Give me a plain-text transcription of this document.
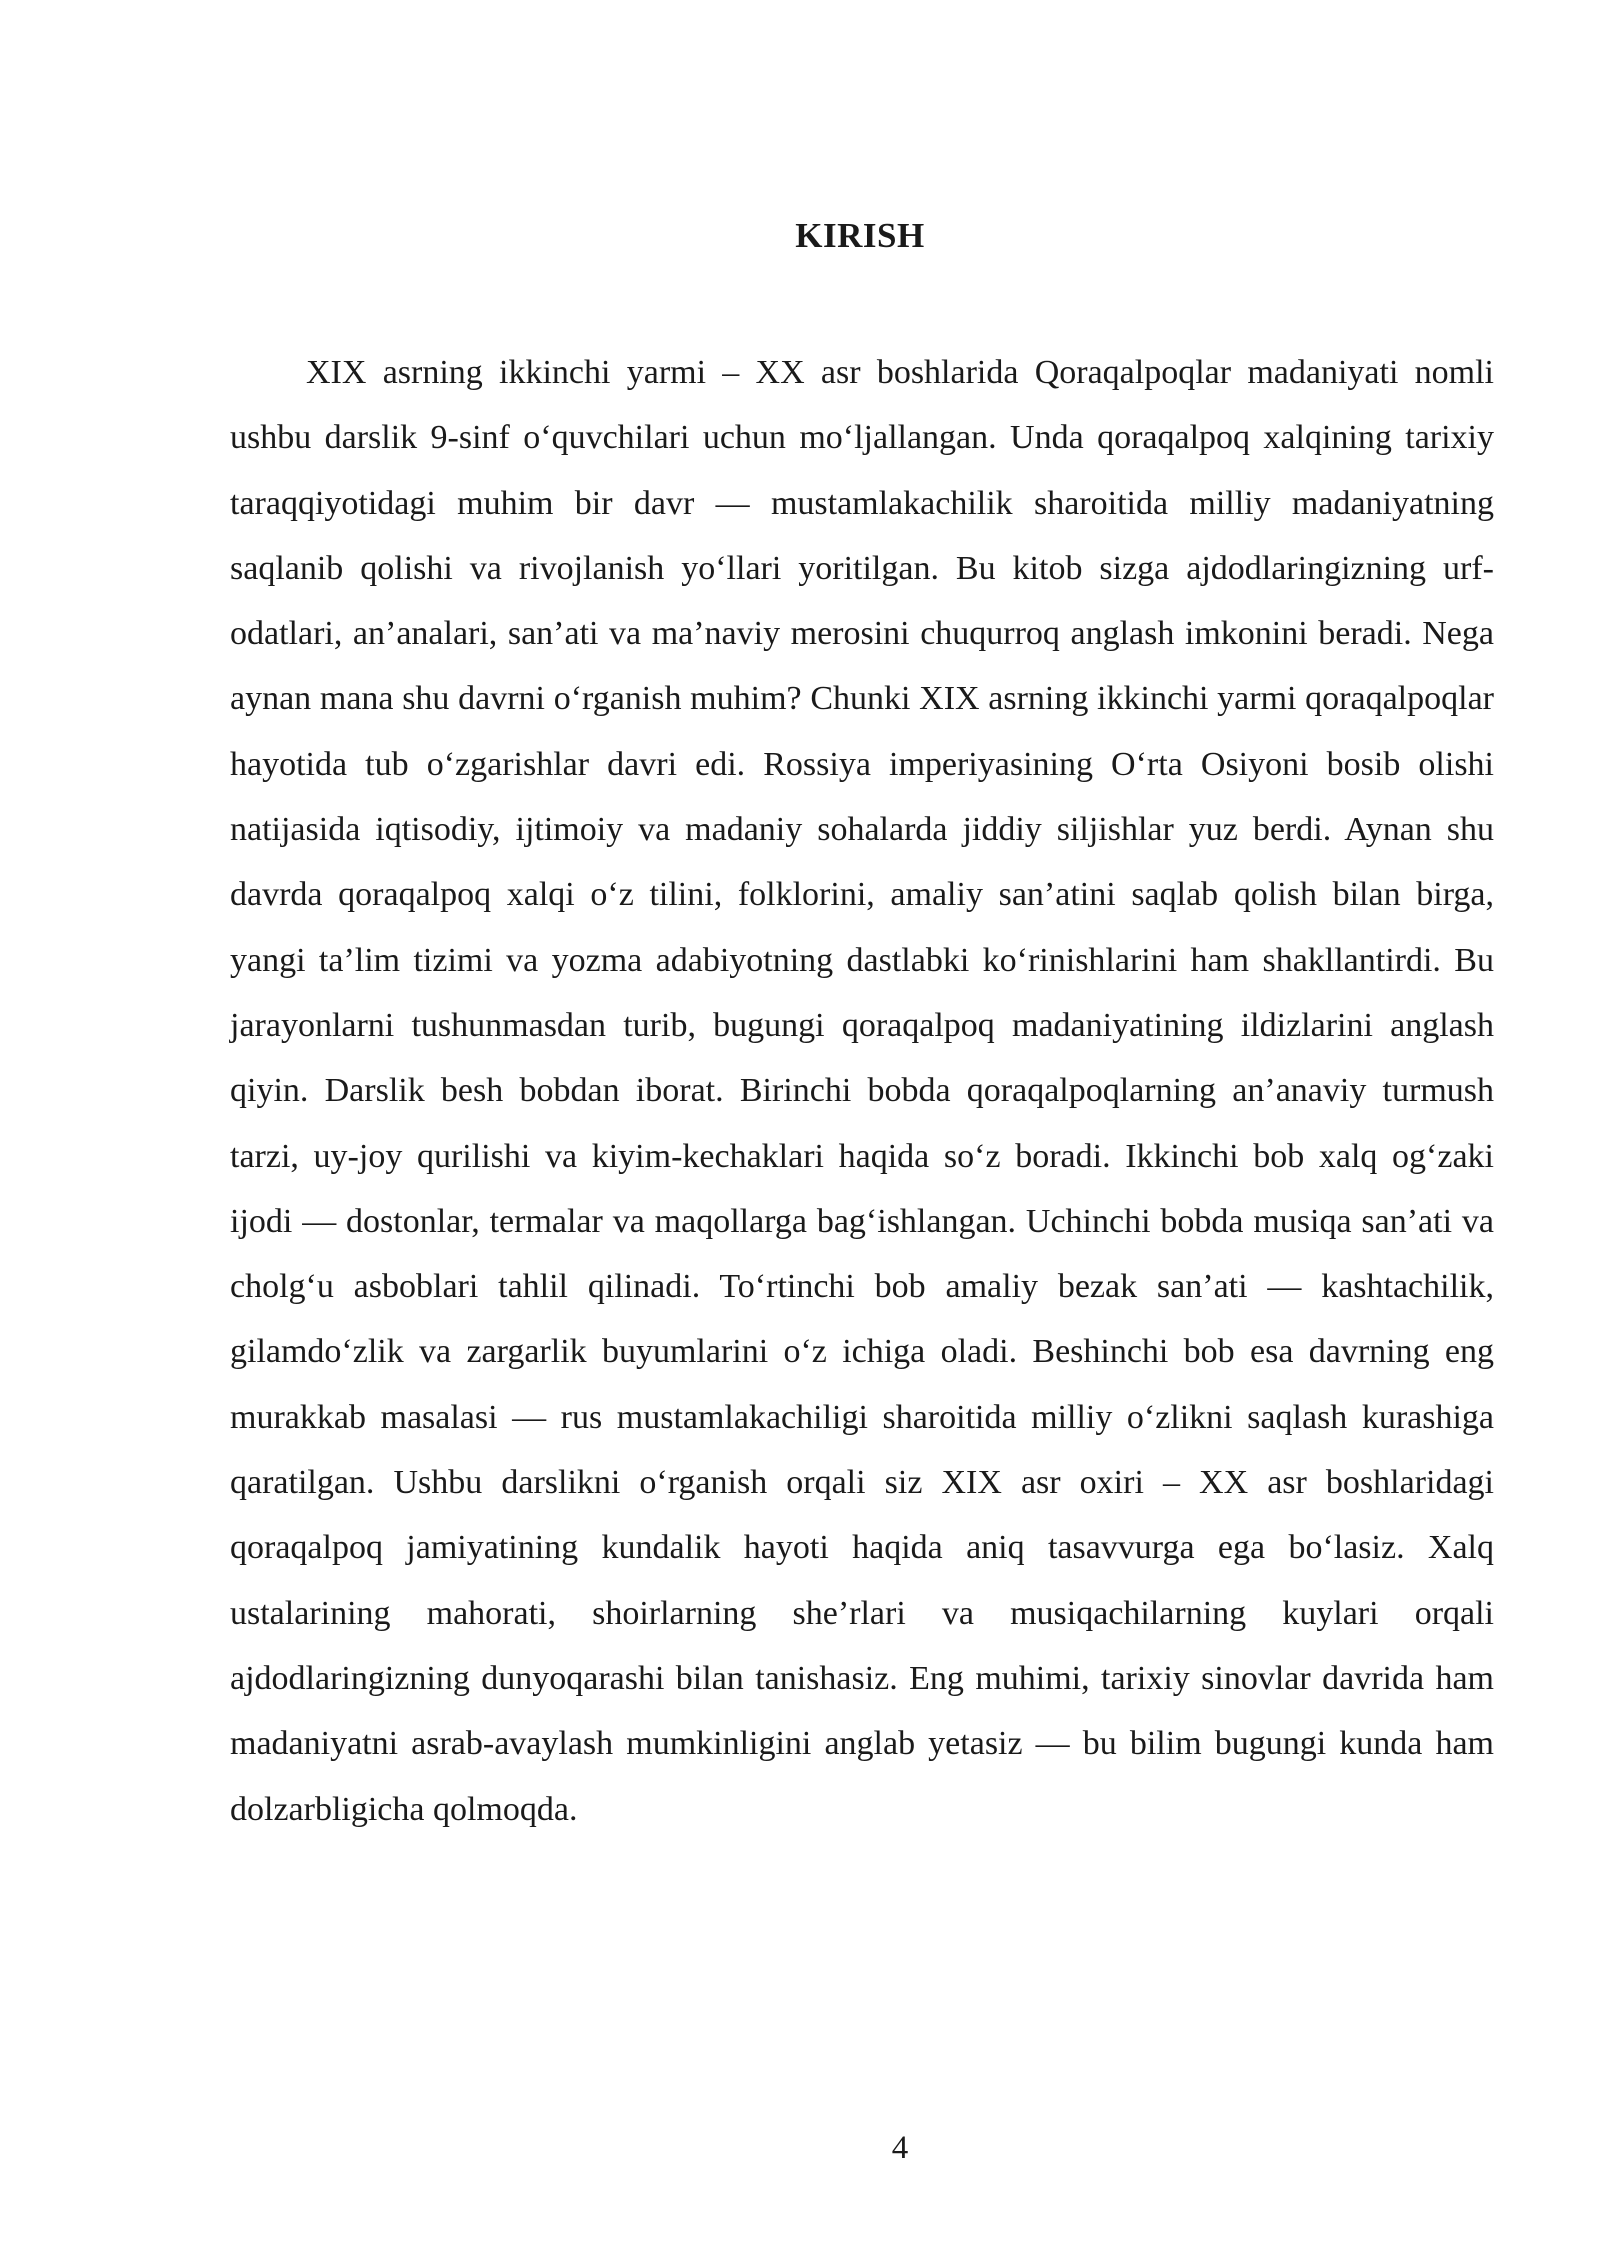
KIRISH

XIX asrning ikkinchi yarmi – XX asr boshlarida Qoraqalpoqlar madaniyati nomli ushbu darslik 9-sinf o‘quvchilari uchun mo‘ljallangan. Unda qoraqalpoq xalqining tarixiy taraqqiyotidagi muhim bir davr — mustamlakachilik sharoitida milliy madaniyatning saqlanib qolishi va rivojlanish yo‘llari yoritilgan. Bu kitob sizga ajdodlaringizning urf-odatlari, an’analari, san’ati va ma’naviy merosini chuqurroq anglash imkonini beradi. Nega aynan mana shu davrni o‘rganish muhim? Chunki XIX asrning ikkinchi yarmi qoraqalpoqlar hayotida tub o‘zgarishlar davri edi. Rossiya imperiyasining O‘rta Osiyoni bosib olishi natijasida iqtisodiy, ijtimoiy va madaniy sohalarda jiddiy siljishlar yuz berdi. Aynan shu davrda qoraqalpoq xalqi o‘z tilini, folklorini, amaliy san’atini saqlab qolish bilan birga, yangi ta’lim tizimi va yozma adabiyotning dastlabki ko‘rinishlarini ham shakllantirdi. Bu jarayonlarni tushunmasdan turib, bugungi qoraqalpoq madaniyatining ildizlarini anglash qiyin. Darslik besh bobdan iborat. Birinchi bobda qoraqalpoqlarning an’anaviy turmush tarzi, uy-joy qurilishi va kiyim-kechaklari haqida so‘z boradi. Ikkinchi bob xalq og‘zaki ijodi — dostonlar, termalar va maqollarga bag‘ishlangan. Uchinchi bobda musiqa san’ati va cholg‘u asboblari tahlil qilinadi. To‘rtinchi bob amaliy bezak san’ati — kashtachilik, gilamdo‘zlik va zargarlik buyumlarini o‘z ichiga oladi. Beshinchi bob esa davrning eng murakkab masalasi — rus mustamlakachiligi sharoitida milliy o‘zlikni saqlash kurashiga qaratilgan. Ushbu darslikni o‘rganish orqali siz XIX asr oxiri – XX asr boshlaridagi qoraqalpoq jamiyatining kundalik hayoti haqida aniq tasavvurga ega bo‘lasiz. Xalq ustalarining mahorati, shoirlarning she’rlari va musiqachilarning kuylari orqali ajdodlaringizning dunyoqarashi bilan tanishasiz. Eng muhimi, tarixiy sinovlar davrida ham madaniyatni asrab-avaylash mumkinligini anglab yetasiz — bu bilim bugungi kunda ham dolzarbligicha qolmoqda.

4
